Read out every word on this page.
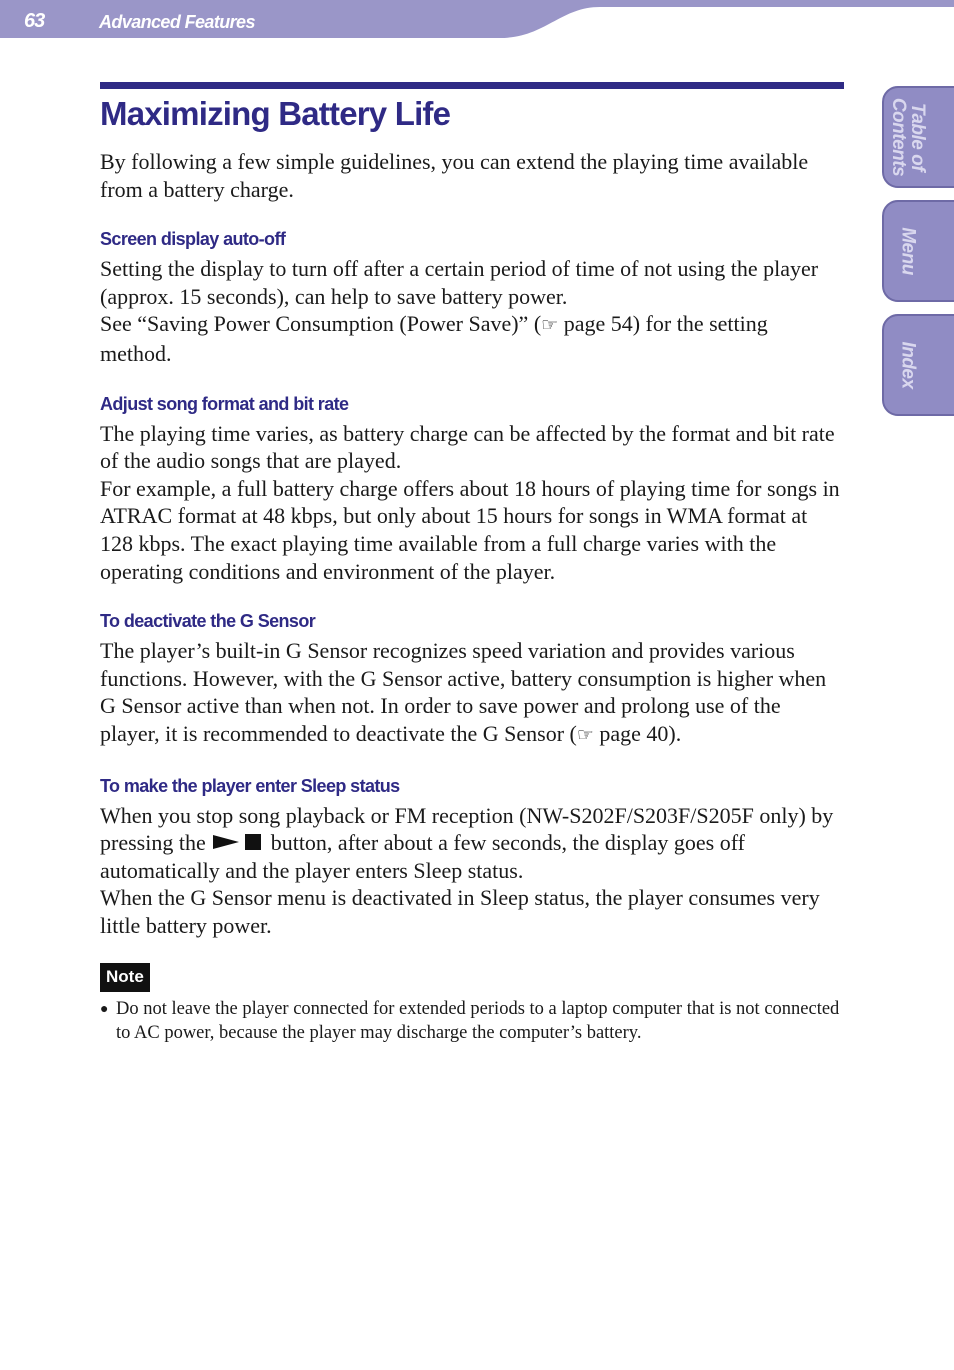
63	Advanced Features
Table of
Contents
Menu
Index
Maximizing Battery Life

By following a few simple guidelines, you can extend the playing time available from a battery charge.

Screen display auto-off

Setting the display to turn off after a certain period of time of not using the player (approx. 15 seconds), can help to save battery power.

See “Saving Power Consumption (Power Save)” (☞ page 54) for the setting method.

Adjust song format and bit rate

The playing time varies, as battery charge can be affected by the format and bit rate of the audio songs that are played.

For example, a full battery charge offers about 18 hours of playing time for songs in ATRAC format at 48 kbps, but only about 15 hours for songs in WMA format at 128 kbps. The exact playing time available from a full charge varies with the operating conditions and environment of the player.

To deactivate the G Sensor

The player’s built-in G Sensor recognizes speed variation and provides various functions. However, with the G Sensor active, battery consumption is higher when G Sensor active than when not. In order to save power and prolong use of the player, it is recommended to deactivate the G Sensor (☞ page 40).

To make the player enter Sleep status

When you stop song playback or FM reception (NW-S202F/S203F/S205F only) by pressing the  button, after about a few seconds, the display goes off automatically and the player enters Sleep status.

When the G Sensor menu is deactivated in Sleep status, the player consumes very little battery power.

Note
● Do not leave the player connected for extended periods to a laptop computer that is not connected to AC power, because the player may discharge the computer’s battery.
